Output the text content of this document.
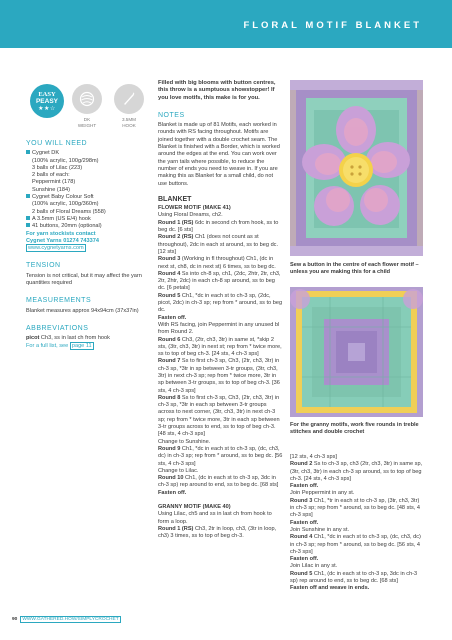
FLORAL MOTIF BLANKET
EASY
PEASY
★★☆
DK
WEIGHT
3.5MM
HOOK
YOU WILL NEED

Cygnet DK

(100% acrylic, 100g/298m)

3 balls of Lilac (223)

2 balls of each:

Peppermint (178)

Sunshine (184)

Cygnet Baby Colour Soft

(100% acrylic, 100g/360m)

2 balls of Floral Dreams (558)

A 3.5mm (US E/4) hook

41 buttons, 20mm (optional)

For yarn stockists contact

Cygnet Yarns 01274 743374

www.cygnetyarns.com

TENSION

Tension is not critical, but it may affect the yarn quantities required

MEASUREMENTS

Blanket measures approx 94x94cm (37x37in)

ABBREVIATIONS

picot Ch3, ss in last ch from hook

For a full list, see page 11

Filled with big blooms with button centres, this throw is a sumptuous showstopper! If you love motifs, this make is for you.

NOTES

Blanket is made up of 81 Motifs, each worked in rounds with RS facing throughout. Motifs are joined together with a double crochet seam. The Blanket is finished with a Border, which is worked around the edges at the end. You can work over the yarn tails where possible, to reduce the number of ends you need to weave in. If you are making this as Blanket for a small child, do not use buttons.

BLANKET

FLOWER MOTIF (MAKE 41)

Using Floral Dreams, ch2.

Round 1 (RS) 6dc in second ch from hook, ss to beg dc. [6 sts]

Round 2 (RS) Ch1 (does not count as st throughout), 2dc in each st around, ss to beg dc. [12 sts]

Round 3 (Working in fl throughout) Ch1, (dc in next st, ch8, dc in next st) 6 times, ss to beg dc.

Round 4 Ss into ch-8 sp, ch1, (2dc, 2htr, 2tr, ch3, 2tr, 2htr, 2dc) in each ch-8 sp around, ss to beg dc. [6 petals]

Round 5 Ch1, *dc in each st to ch-3 sp, (2dc, picot, 2dc) in ch-3 sp; rep from * around, ss to beg dc.

Fasten off.

With RS facing, join Peppermint in any unused bl from Round 2.

Round 6 Ch3, (2tr, ch3, 3tr) in same st, *skip 2 sts, (3tr, ch3, 3tr) in next st; rep from * twice more, ss to top of beg ch-3. [24 sts, 4 ch-3 sps]

Round 7 Ss to first ch-3 sp, Ch3, (2tr, ch3, 3tr) in ch-3 sp, *3tr in sp between 3-tr groups, (3tr, ch3, 3tr) in next ch-3 sp; rep from * twice more, 3tr in sp between 3-tr groups, ss to top of beg ch-3. [36 sts, 4 ch-3 sps]

Round 8 Ss to first ch-3 sp, Ch3, (2tr, ch3, 3tr) in ch-3 sp, *3tr in each sp between 3-tr groups across to next corner, (3tr, ch3, 3tr) in next ch-3 sp; rep from * twice more, 3tr in each sp between 3-tr groups across to end, ss to top of beg ch-3. [48 sts, 4 ch-3 sps]

Change to Sunshine.

Round 9 Ch1, *dc in each st to ch-3 sp, (dc, ch3, dc) in ch-3 sp; rep from * around, ss to beg dc. [56 sts, 4 ch-3 sps]

Change to Lilac.

Round 10 Ch1, (dc in each st to ch-3 sp, 3dc in ch-3 sp) rep around to end, ss to beg dc. [68 sts]

Fasten off.

GRANNY MOTIF (MAKE 40)

Using Lilac, ch5 and ss in last ch from hook to form a loop.

Round 1 (RS) Ch3, 2tr in loop, ch3, (3tr in loop, ch3) 3 times, ss to top of beg ch-3.

Sew a button in the centre of each flower motif – unless you are making this for a child
For the granny motifs, work five rounds in treble stitches and double crochet

[12 sts, 4 ch-3 sps]

Round 2 Ss to ch-3 sp, ch3 (2tr, ch3, 3tr) in same sp, (3tr, ch3, 3tr) in each ch-3 sp around, ss to top of beg ch-3. [24 sts, 4 ch-3 sps]

Fasten off.

Join Peppermint in any st.

Round 3 Ch1, *tr in each st to ch-3 sp, (3tr, ch3, 3tr) in ch-3 sp; rep from * around, ss to beg dc. [48 sts, 4 ch-3 sps]

Fasten off.

Join Sunshine in any st.

Round 4 Ch1, *dc in each st to ch-3 sp, (dc, ch3, dc) in ch-3 sp; rep from * around, ss to beg dc. [56 sts, 4 ch-3 sps]

Fasten off.

Join Lilac in any st.

Round 5 Ch1, (dc in each st to ch-3 sp, 3dc in ch-3 sp) rep around to end, ss to beg dc. [68 sts]

Fasten off and weave in ends.

90 WWW.GATHERED.HOW/SIMPLYCROCHET
